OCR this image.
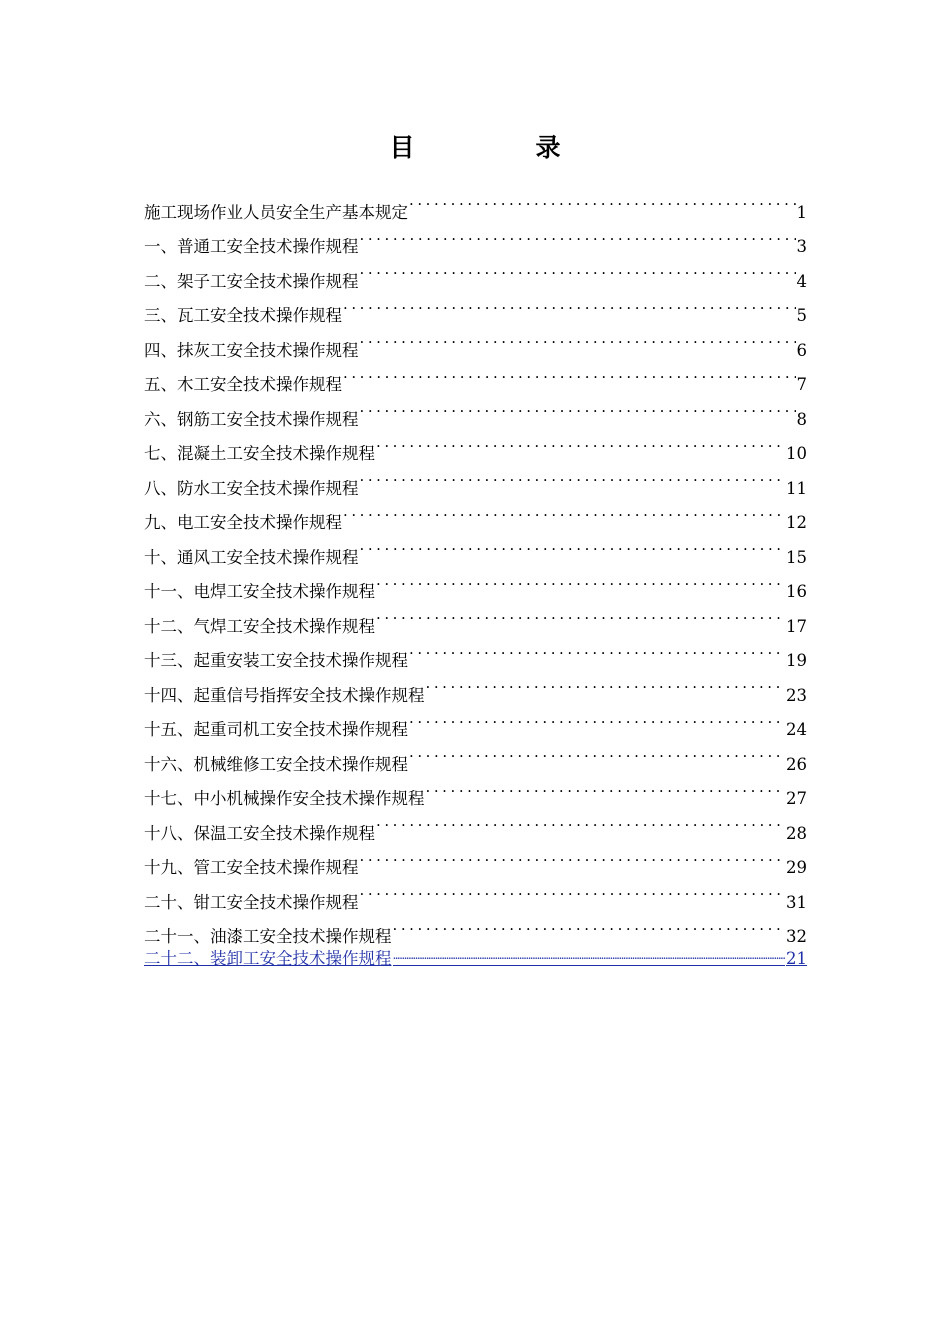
目　录
施工现场作业人员安全生产基本规定 . . .	1
一、普通工安全技术操作规程 . . .	3
二、架子工安全技术操作规程 . . .	4
三、瓦工安全技术操作规程 . . .	5
四、抹灰工安全技术操作规程 . . .	6
五、木工安全技术操作规程 . . .	7
六、钢筋工安全技术操作规程 . . .	8
七、混凝土工安全技术操作规程 . . .	10
八、防水工安全技术操作规程 . . .	11
九、电工安全技术操作规程 . . .	12
十、通风工安全技术操作规程 . . .	15
十一、电焊工安全技术操作规程 . . .	16
十二、气焊工安全技术操作规程 . . .	17
十三、起重安装工安全技术操作规程 . . .	19
十四、起重信号指挥安全技术操作规程 . . .	23
十五、起重司机工安全技术操作规程 . . .	24
十六、机械维修工安全技术操作规程 . . .	26
十七、中小机械操作安全技术操作规程 . . .	27
十八、保温工安全技术操作规程 . . .	28
十九、管工安全技术操作规程 . . .	29
二十、钳工安全技术操作规程 . . .	31
二十一、油漆工安全技术操作规程 . . .	32
二十二、装卸工安全技术操作规程 .....	21
